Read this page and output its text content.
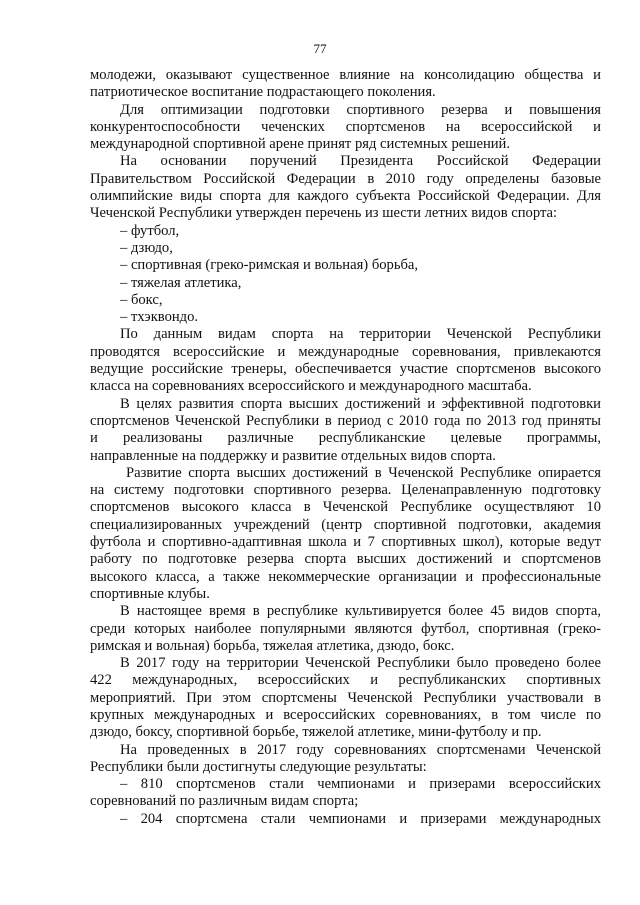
77

молодежи, оказывают существенное влияние на консолидацию общества и
патриотическое воспитание подрастающего поколения.

Для оптимизации подготовки спортивного резерва и повышения
конкурентоспособности чеченских спортсменов на всероссийской и
международной спортивной арене принят ряд системных решений.

На основании поручений Президента Российской Федерации
Правительством Российской Федерации в 2010 году определены базовые
олимпийские виды спорта для каждого субъекта Российской Федерации. Для
Чеченской Республики утвержден перечень из шести летних видов спорта:

– футбол,

– дзюдо,

– спортивная (греко-римская и вольная) борьба,

– тяжелая атлетика,

– бокс,

– тхэквондо.

По данным видам спорта на территории Чеченской Республики
проводятся всероссийские и международные соревнования, привлекаются
ведущие российские тренеры, обеспечивается участие спортсменов высокого
класса на соревнованиях всероссийского и международного масштаба.

В целях развития спорта высших достижений и эффективной подготовки
спортсменов Чеченской Республики в период с 2010 года по 2013 год приняты
и реализованы различные республиканские целевые программы,
направленные на поддержку и развитие отдельных видов спорта.

Развитие спорта высших достижений в Чеченской Республике опирается
на систему подготовки спортивного резерва. Целенаправленную подготовку
спортсменов высокого класса в Чеченской Республике осуществляют 10
специализированных учреждений (центр спортивной подготовки, академия
футбола и спортивно-адаптивная школа и 7 спортивных школ), которые ведут
работу по подготовке резерва спорта высших достижений и спортсменов
высокого класса, а также некоммерческие организации и профессиональные
спортивные клубы.

В настоящее время в республике культивируется более 45 видов спорта,
среди которых наиболее популярными являются футбол, спортивная (греко-
римская и вольная) борьба, тяжелая атлетика, дзюдо, бокс.

В 2017 году на территории Чеченской Республики было проведено более
422 международных, всероссийских и республиканских спортивных
мероприятий. При этом спортсмены Чеченской Республики участвовали в
крупных международных и всероссийских соревнованиях, в том числе по
дзюдо, боксу, спортивной борьбе, тяжелой атлетике, мини-футболу и пр.

На проведенных в 2017 году соревнованиях спортсменами Чеченской
Республики были достигнуты следующие результаты:

– 810 спортсменов стали чемпионами и призерами всероссийских
соревнований по различным видам спорта;

– 204 спортсмена стали чемпионами и призерами международных
